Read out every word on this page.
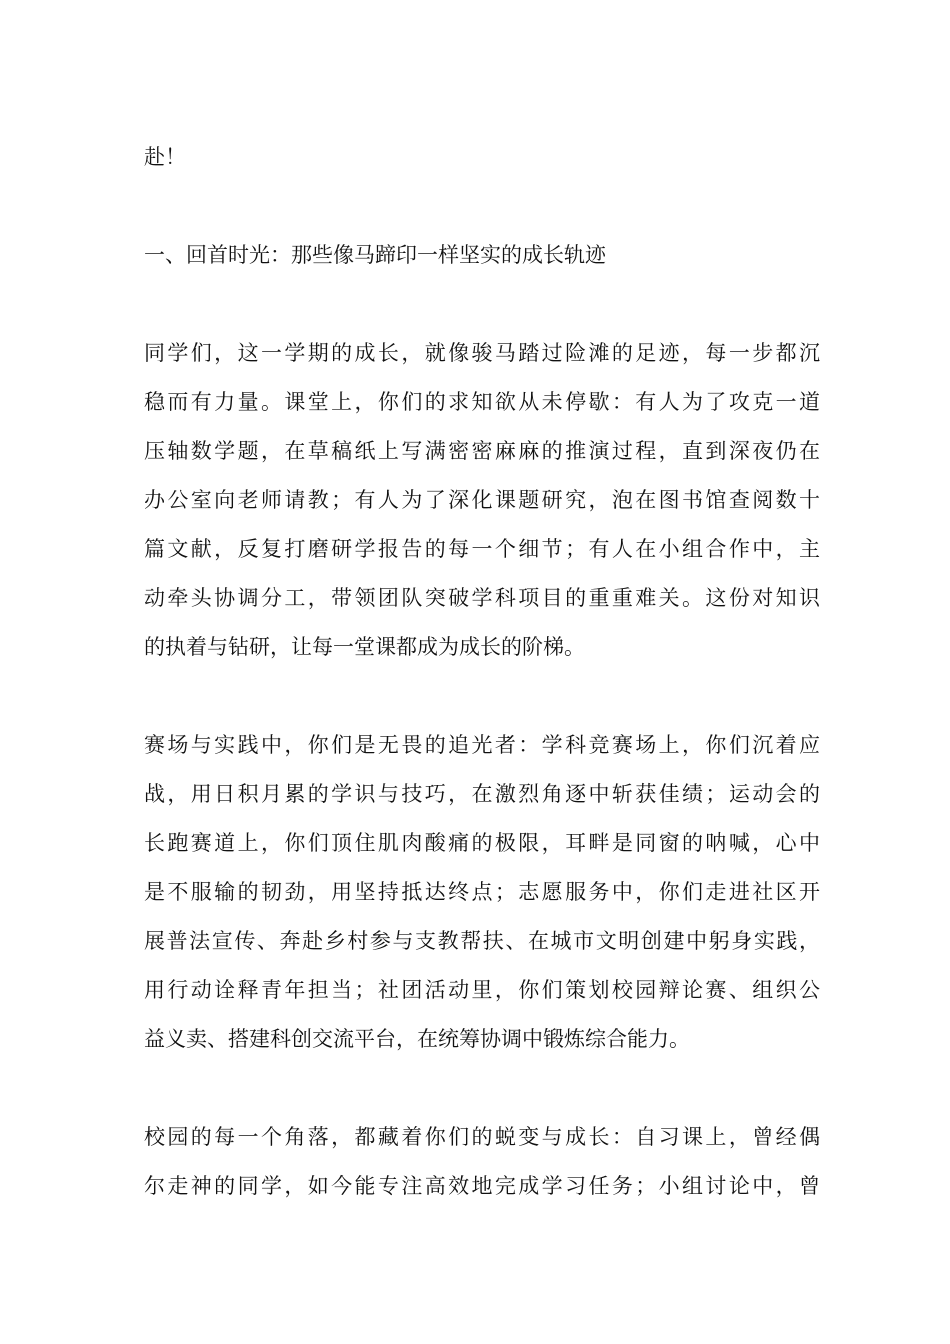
赴！
一、回首时光：那些像马蹄印一样坚实的成长轨迹
同学们，这一学期的成长，就像骏马踏过险滩的足迹，每一步都沉
稳而有力量。课堂上，你们的求知欲从未停歇：有人为了攻克一道
压轴数学题，在草稿纸上写满密密麻麻的推演过程，直到深夜仍在
办公室向老师请教；有人为了深化课题研究，泡在图书馆查阅数十
篇文献，反复打磨研学报告的每一个细节；有人在小组合作中，主
动牵头协调分工，带领团队突破学科项目的重重难关。这份对知识
的执着与钻研，让每一堂课都成为成长的阶梯。
赛场与实践中，你们是无畏的追光者：学科竞赛场上，你们沉着应
战，用日积月累的学识与技巧，在激烈角逐中斩获佳绩；运动会的
长跑赛道上，你们顶住肌肉酸痛的极限，耳畔是同窗的呐喊，心中
是不服输的韧劲，用坚持抵达终点；志愿服务中，你们走进社区开
展普法宣传、奔赴乡村参与支教帮扶、在城市文明创建中躬身实践，
用行动诠释青年担当；社团活动里，你们策划校园辩论赛、组织公
益义卖、搭建科创交流平台，在统筹协调中锻炼综合能力。
校园的每一个角落，都藏着你们的蜕变与成长：自习课上，曾经偶
尔走神的同学，如今能专注高效地完成学习任务；小组讨论中，曾
